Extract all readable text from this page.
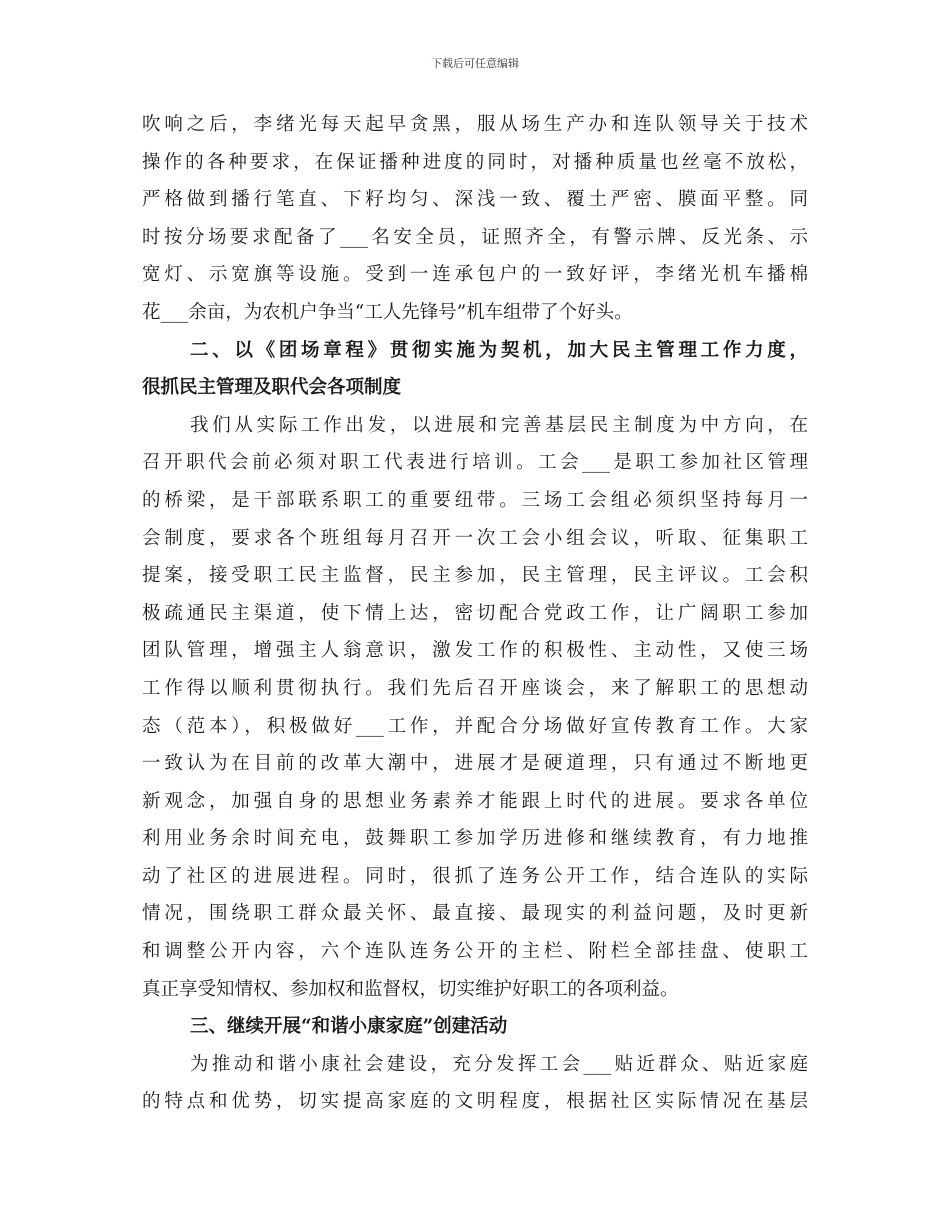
下载后可任意编辑
吹响之后，李绪光每天起早贪黑，服从场生产办和连队领导关于技术
操作的各种要求，在保证播种进度的同时，对播种质量也丝毫不放松，
严格做到播行笔直、下籽均匀、深浅一致、覆土严密、膜面平整。同
时按分场要求配备了___名安全员，证照齐全，有警示牌、反光条、示
宽灯、示宽旗等设施。受到一连承包户的一致好评，李绪光机车播棉
花___余亩，为农机户争当“工人先锋号”机车组带了个好头。
二、以《团场章程》贯彻实施为契机，加大民主管理工作力度，
很抓民主管理及职代会各项制度
我们从实际工作出发，以进展和完善基层民主制度为中方向，在
召开职代会前必须对职工代表进行培训。工会___是职工参加社区管理
的桥梁，是干部联系职工的重要纽带。三场工会组必须织坚持每月一
会制度，要求各个班组每月召开一次工会小组会议，听取、征集职工
提案，接受职工民主监督，民主参加，民主管理，民主评议。工会积
极疏通民主渠道，使下情上达，密切配合党政工作，让广阔职工参加
团队管理，增强主人翁意识，激发工作的积极性、主动性，又使三场
工作得以顺利贯彻执行。我们先后召开座谈会，来了解职工的思想动
态（范本），积极做好___工作，并配合分场做好宣传教育工作。大家
一致认为在目前的改革大潮中，进展才是硬道理，只有通过不断地更
新观念，加强自身的思想业务素养才能跟上时代的进展。要求各单位
利用业务余时间充电，鼓舞职工参加学历进修和继续教育，有力地推
动了社区的进展进程。同时，很抓了连务公开工作，结合连队的实际
情况，围绕职工群众最关怀、最直接、最现实的利益问题，及时更新
和调整公开内容，六个连队连务公开的主栏、附栏全部挂盘、使职工
真正享受知情权、参加权和监督权，切实维护好职工的各项利益。
三、继续开展“和谐小康家庭”创建活动
为推动和谐小康社会建设，充分发挥工会___贴近群众、贴近家庭
的特点和优势，切实提高家庭的文明程度，根据社区实际情况在基层
